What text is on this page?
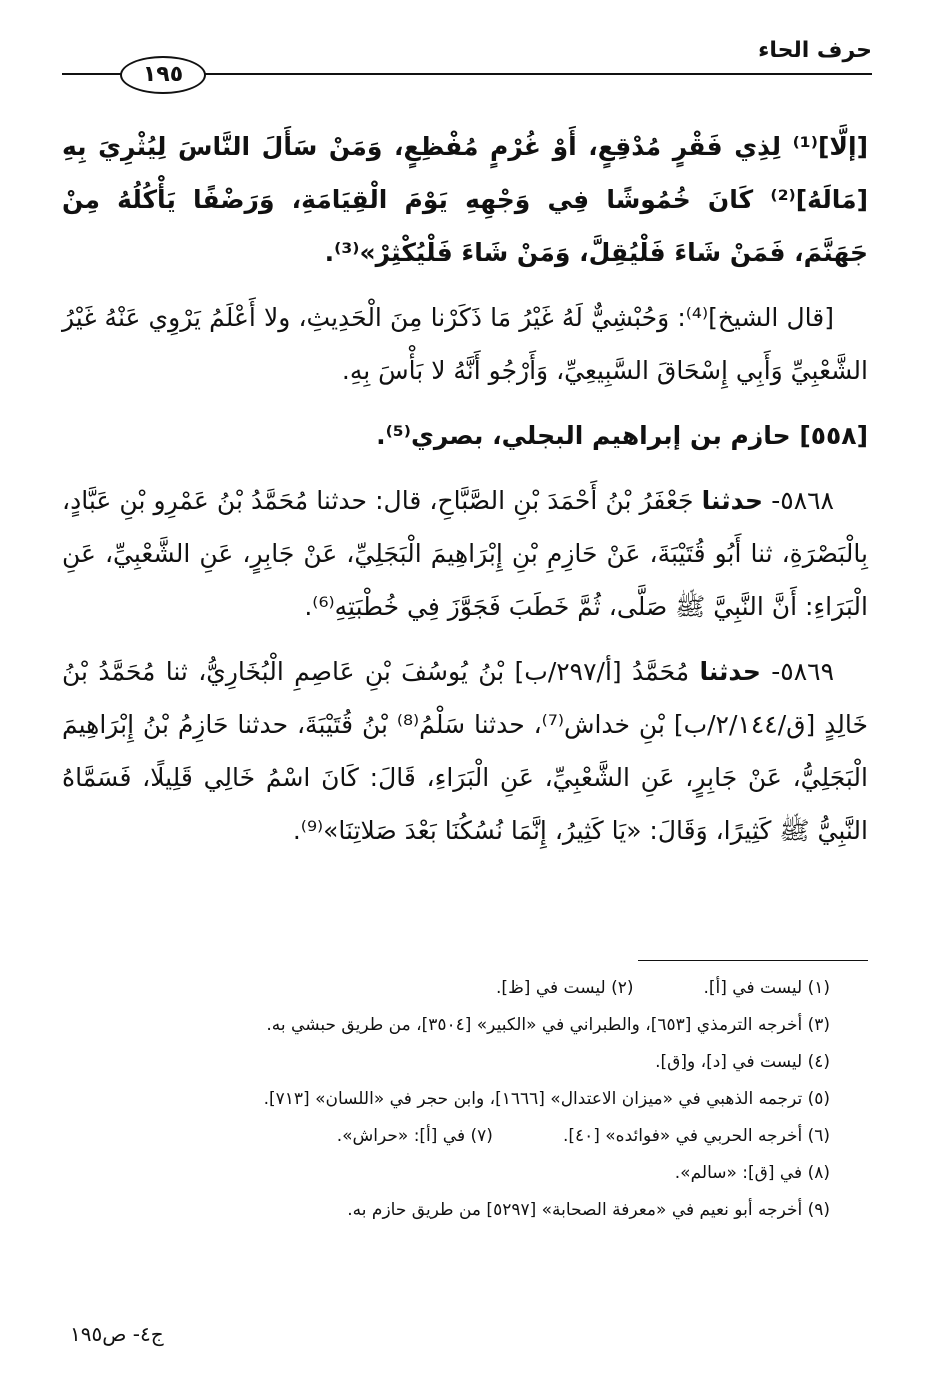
حرف الحاء
١٩٥

[إلَّا]⁽¹⁾ لِذِي فَقْرٍ مُدْقِعٍ، أَوْ غُرْمٍ مُفْظِعٍ، وَمَنْ سَأَلَ النَّاسَ لِيُثْرِيَ بِهِ [مَالَهُ]⁽²⁾ كَانَ خُمُوشًا فِي وَجْهِهِ يَوْمَ الْقِيَامَةِ، وَرَضْفًا يَأْكُلُهُ مِنْ جَهَنَّمَ، فَمَنْ شَاءَ فَلْيُقِلَّ، وَمَنْ شَاءَ فَلْيُكْثِرْ»⁽³⁾.

[قال الشيخ]⁽⁴⁾: وَحُبْشِيٌّ لَهُ غَيْرُ مَا ذَكَرْنا مِنَ الْحَدِيثِ، ولا أَعْلَمُ يَرْوِي عَنْهُ غَيْرُ الشَّعْبِيِّ وَأَبِي إِسْحَاقَ السَّبِيعِيِّ، وَأَرْجُو أَنَّهُ لا بَأْسَ بِهِ.

[٥٥٨] حازم بن إبراهيم البجلي، بصري⁽⁵⁾.

٥٨٦٨- حدثنا جَعْفَرُ بْنُ أَحْمَدَ بْنِ الصَّبَّاحِ، قال: حدثنا مُحَمَّدُ بْنُ عَمْرِو بْنِ عَبَّادٍ، بِالْبَصْرَةِ، ثنا أَبُو قُتَيْبَةَ، عَنْ حَازِمِ بْنِ إِبْرَاهِيمَ الْبَجَلِيِّ، عَنْ جَابِرٍ، عَنِ الشَّعْبِيِّ، عَنِ الْبَرَاءِ: أَنَّ النَّبِيَّ ﷺ صَلَّى، ثُمَّ خَطَبَ فَجَوَّزَ فِي خُطْبَتِهِ⁽⁶⁾.

٥٨٦٩- حدثنا مُحَمَّدُ [أ/٢٩٧/ب] بْنُ يُوسُفَ بْنِ عَاصِمِ الْبُخَارِيُّ، ثنا مُحَمَّدُ بْنُ خَالِدٍ [ق/٢/١٤٤/ب] بْنِ خداش⁽⁷⁾، حدثنا سَلْمُ⁽⁸⁾ بْنُ قُتَيْبَةَ، حدثنا حَازِمُ بْنُ إِبْرَاهِيمَ الْبَجَلِيُّ، عَنْ جَابِرٍ، عَنِ الشَّعْبِيِّ، عَنِ الْبَرَاءِ، قَالَ: كَانَ اسْمُ خَالِي قَلِيلًا، فَسَمَّاهُ النَّبِيُّ ﷺ كَثِيرًا، وَقَالَ: «يَا كَثِيرُ، إِنَّمَا نُسُكُنَا بَعْدَ صَلاتِنَا»⁽⁹⁾.

(١) ليست في [أ].(٢) ليست في [ظ].
(٣) أخرجه الترمذي [٦٥٣]، والطبراني في «الكبير» [٣٥٠٤]، من طريق حبشي به.
(٤) ليست في [د]، و[ق].
(٥) ترجمه الذهبي في «ميزان الاعتدال» [١٦٦٦]، وابن حجر في «اللسان» [٧١٣].
(٦) أخرجه الحربي في «فوائده» [٤٠].(٧) في [أ]: «حراش».
(٨) في [ق]: «سالم».
(٩) أخرجه أبو نعيم في «معرفة الصحابة» [٥٢٩٧] من طريق حازم به.
ج٤- ص١٩٥
